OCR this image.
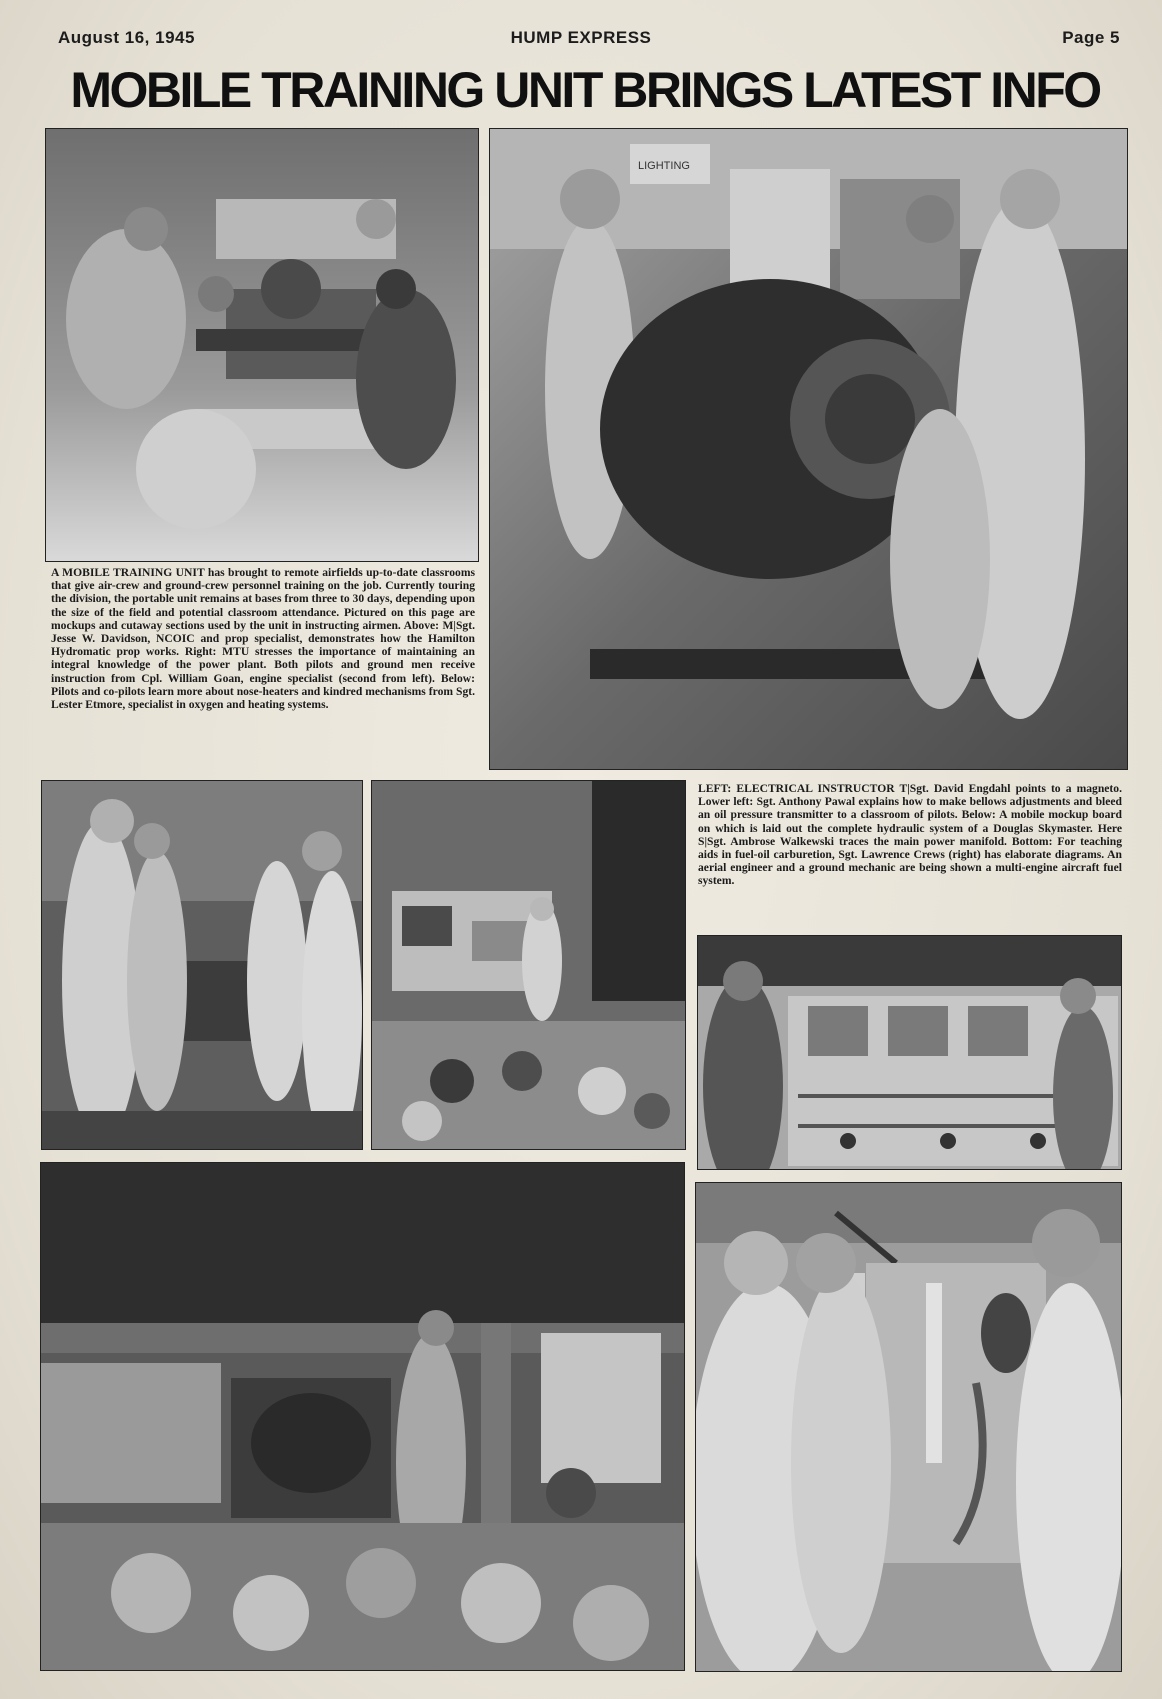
August 16, 1945	HUMP EXPRESS	Page 5
MOBILE TRAINING UNIT BRINGS LATEST INFO
LIGHTING
A MOBILE TRAINING UNIT has brought to remote airfields up-to-date classrooms that give air-crew and ground-crew personnel training on the job. Currently touring the division, the portable unit remains at bases from three to 30 days, depending upon the size of the field and potential classroom attendance. Pictured on this page are mockups and cutaway sections used by the unit in instructing airmen. Above: M|Sgt. Jesse W. Davidson, NCOIC and prop specialist, demonstrates how the Hamilton Hydromatic prop works. Right: MTU stresses the importance of maintaining an integral knowledge of the power plant. Both pilots and ground men receive instruction from Cpl. William Goan, engine specialist (second from left). Below: Pilots and co-pilots learn more about nose-heaters and kindred mechanisms from Sgt. Lester Etmore, specialist in oxygen and heating systems.
LEFT: ELECTRICAL INSTRUCTOR T|Sgt. David Engdahl points to a magneto. Lower left: Sgt. Anthony Pawal explains how to make bellows adjustments and bleed an oil pressure transmitter to a classroom of pilots. Below: A mobile mockup board on which is laid out the complete hydraulic system of a Douglas Skymaster. Here S|Sgt. Ambrose Walkewski traces the main power manifold. Bottom: For teaching aids in fuel-oil carburetion, Sgt. Lawrence Crews (right) has elaborate diagrams. An aerial engineer and a ground mechanic are being shown a multi-engine aircraft fuel system.
